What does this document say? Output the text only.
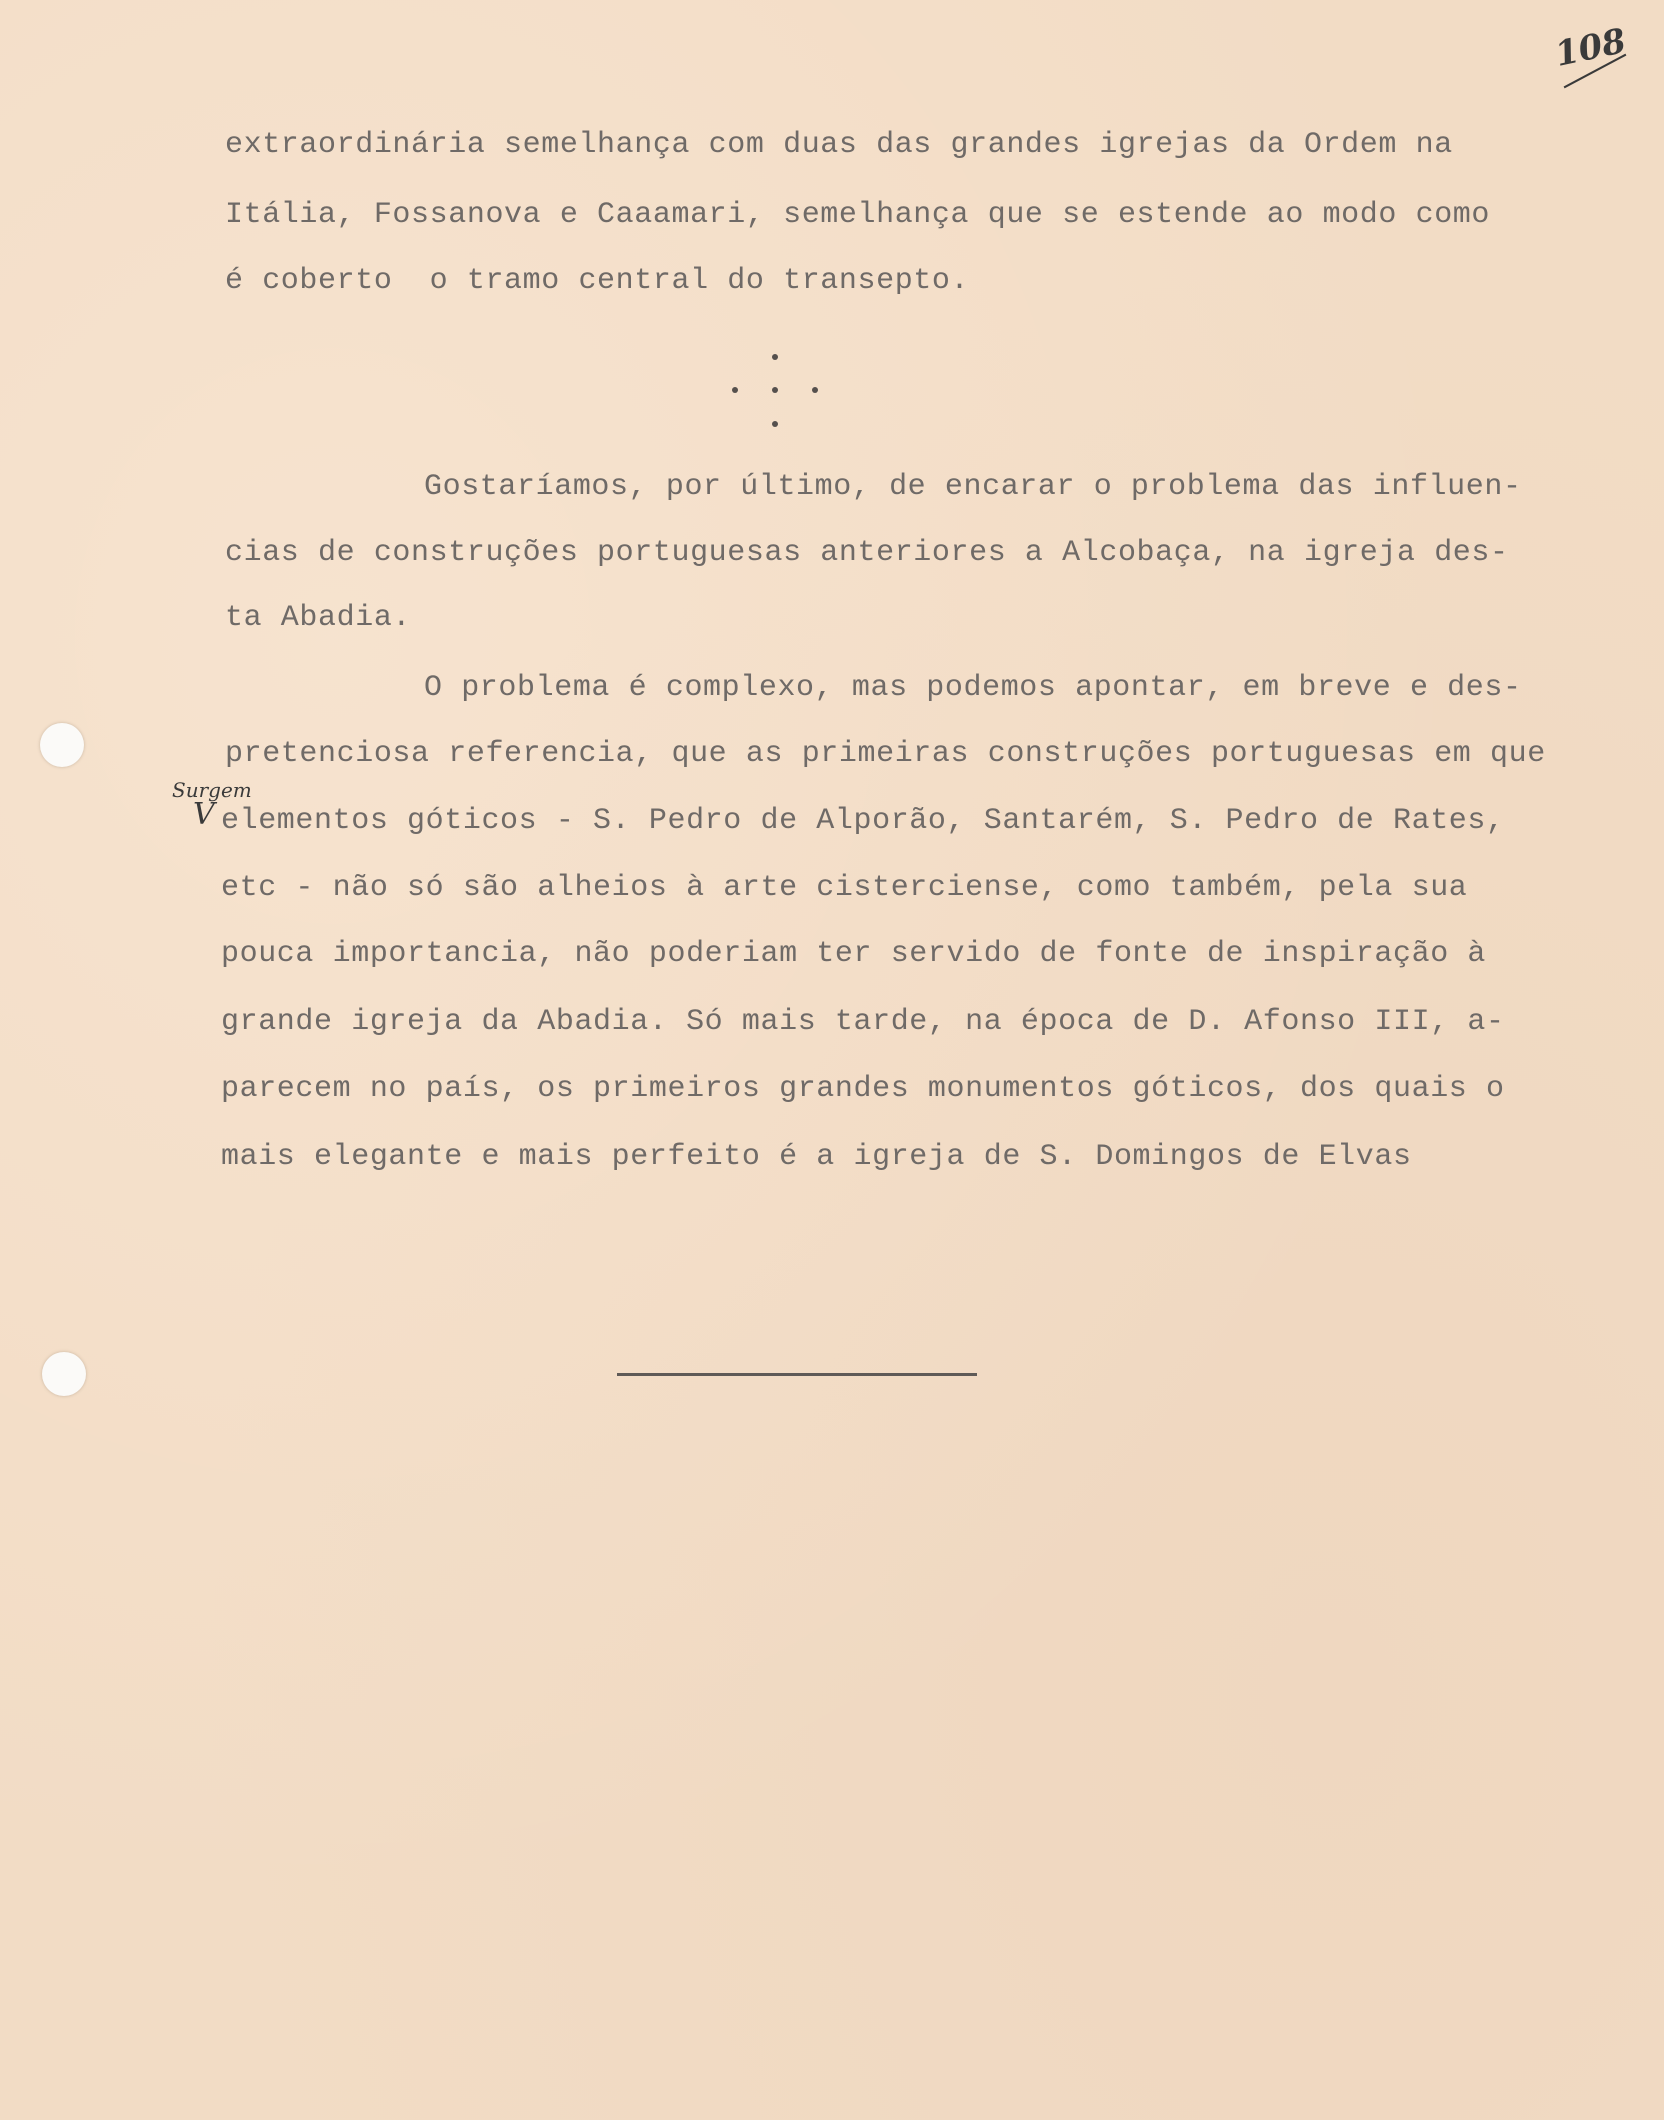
108
extraordinária semelhança com duas das grandes igrejas da Ordem na
Itália, Fossanova e Caaamari, semelhança que se estende ao modo como
é coberto  o tramo central do transepto.
Gostaríamos, por último, de encarar o problema das influen-
cias de construções portuguesas anteriores a Alcobaça, na igreja des-
ta Abadia.
O problema é complexo, mas podemos apontar, em breve e des-
pretenciosa referencia, que as primeiras construções portuguesas em que
elementos góticos - S. Pedro de Alporão, Santarém, S. Pedro de Rates,
etc - não só são alheios à arte cisterciense, como também, pela sua
pouca importancia, não poderiam ter servido de fonte de inspiração à
grande igreja da Abadia. Só mais tarde, na época de D. Afonso III, a-
parecem no país, os primeiros grandes monumentos góticos, dos quais o
mais elegante e mais perfeito é a igreja de S. Domingos de Elvas
Surgem
V
